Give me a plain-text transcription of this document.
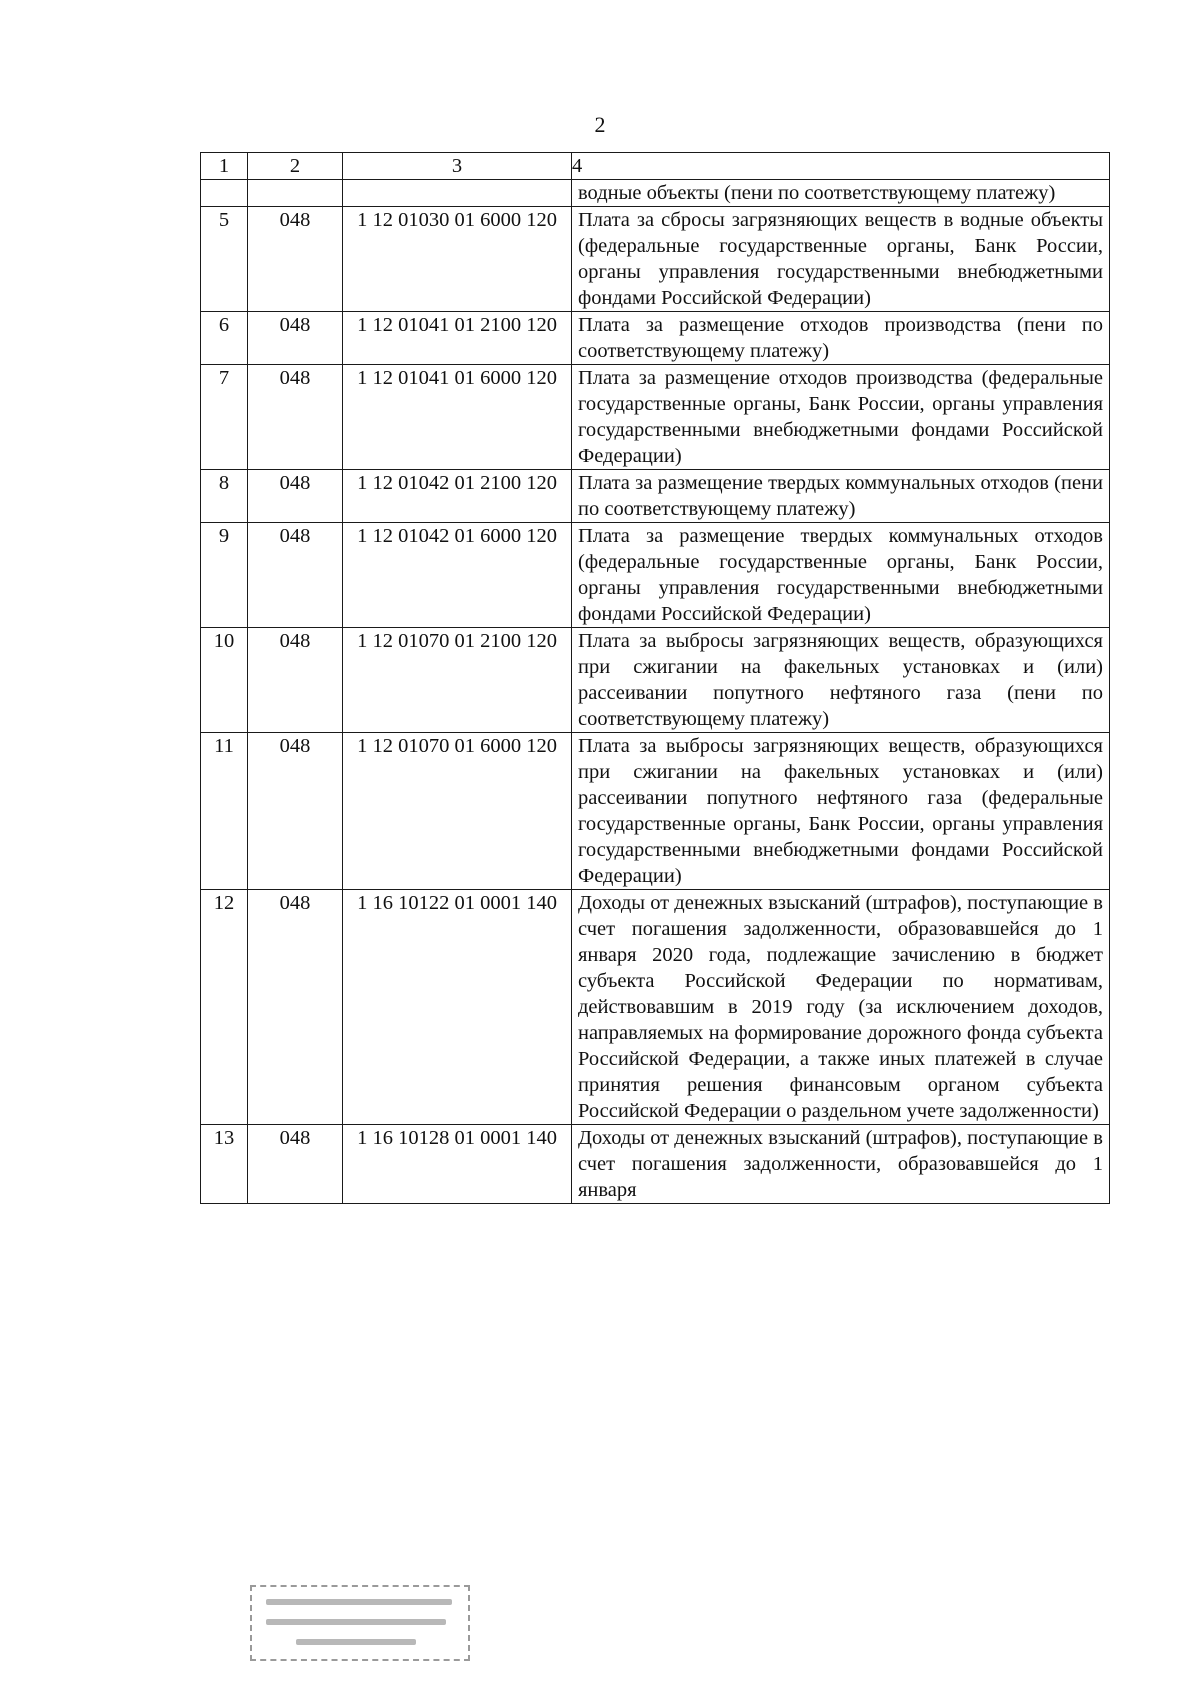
2
1	2	3	4
			водные объекты (пени по соответствующему платежу)
5	048	1 12 01030 01 6000 120	Плата за сбросы загрязняющих веществ в водные объекты (федеральные государственные органы, Банк России, органы управления государственными внебюджетными фондами Российской Федерации)
6	048	1 12 01041 01 2100 120	Плата за размещение отходов производства (пени по соответствующему платежу)
7	048	1 12 01041 01 6000 120	Плата за размещение отходов производства (федеральные государственные органы, Банк России, органы управления государственными внебюджетными фондами Российской Федерации)
8	048	1 12 01042 01 2100 120	Плата за размещение твердых коммунальных отходов (пени по соответствующему платежу)
9	048	1 12 01042 01 6000 120	Плата за размещение твердых коммунальных отходов (федеральные государственные органы, Банк России, органы управления государственными внебюджетными фондами Российской Федерации)
10	048	1 12 01070 01 2100 120	Плата за выбросы загрязняющих веществ, образующихся при сжигании на факельных установках и (или) рассеивании попутного нефтяного газа (пени по соответствующему платежу)
11	048	1 12 01070 01 6000 120	Плата за выбросы загрязняющих веществ, образующихся при сжигании на факельных установках и (или) рассеивании попутного нефтяного газа (федеральные государственные органы, Банк России, органы управления государственными внебюджетными фондами Российской Федерации)
12	048	1 16 10122 01 0001 140	Доходы от денежных взысканий (штрафов), поступающие в счет погашения задолженности, образовавшейся до 1 января 2020 года, подлежащие зачислению в бюджет субъекта Российской Федерации по нормативам, действовавшим в 2019 году (за исключением доходов, направляемых на формирование дорожного фонда субъекта Российской Федерации, а также иных платежей в случае принятия решения финансовым органом субъекта Российской Федерации о раздельном учете задолженности)
13	048	1 16 10128 01 0001 140	Доходы от денежных взысканий (штрафов), поступающие в счет погашения задолженности, образовавшейся до 1 января
